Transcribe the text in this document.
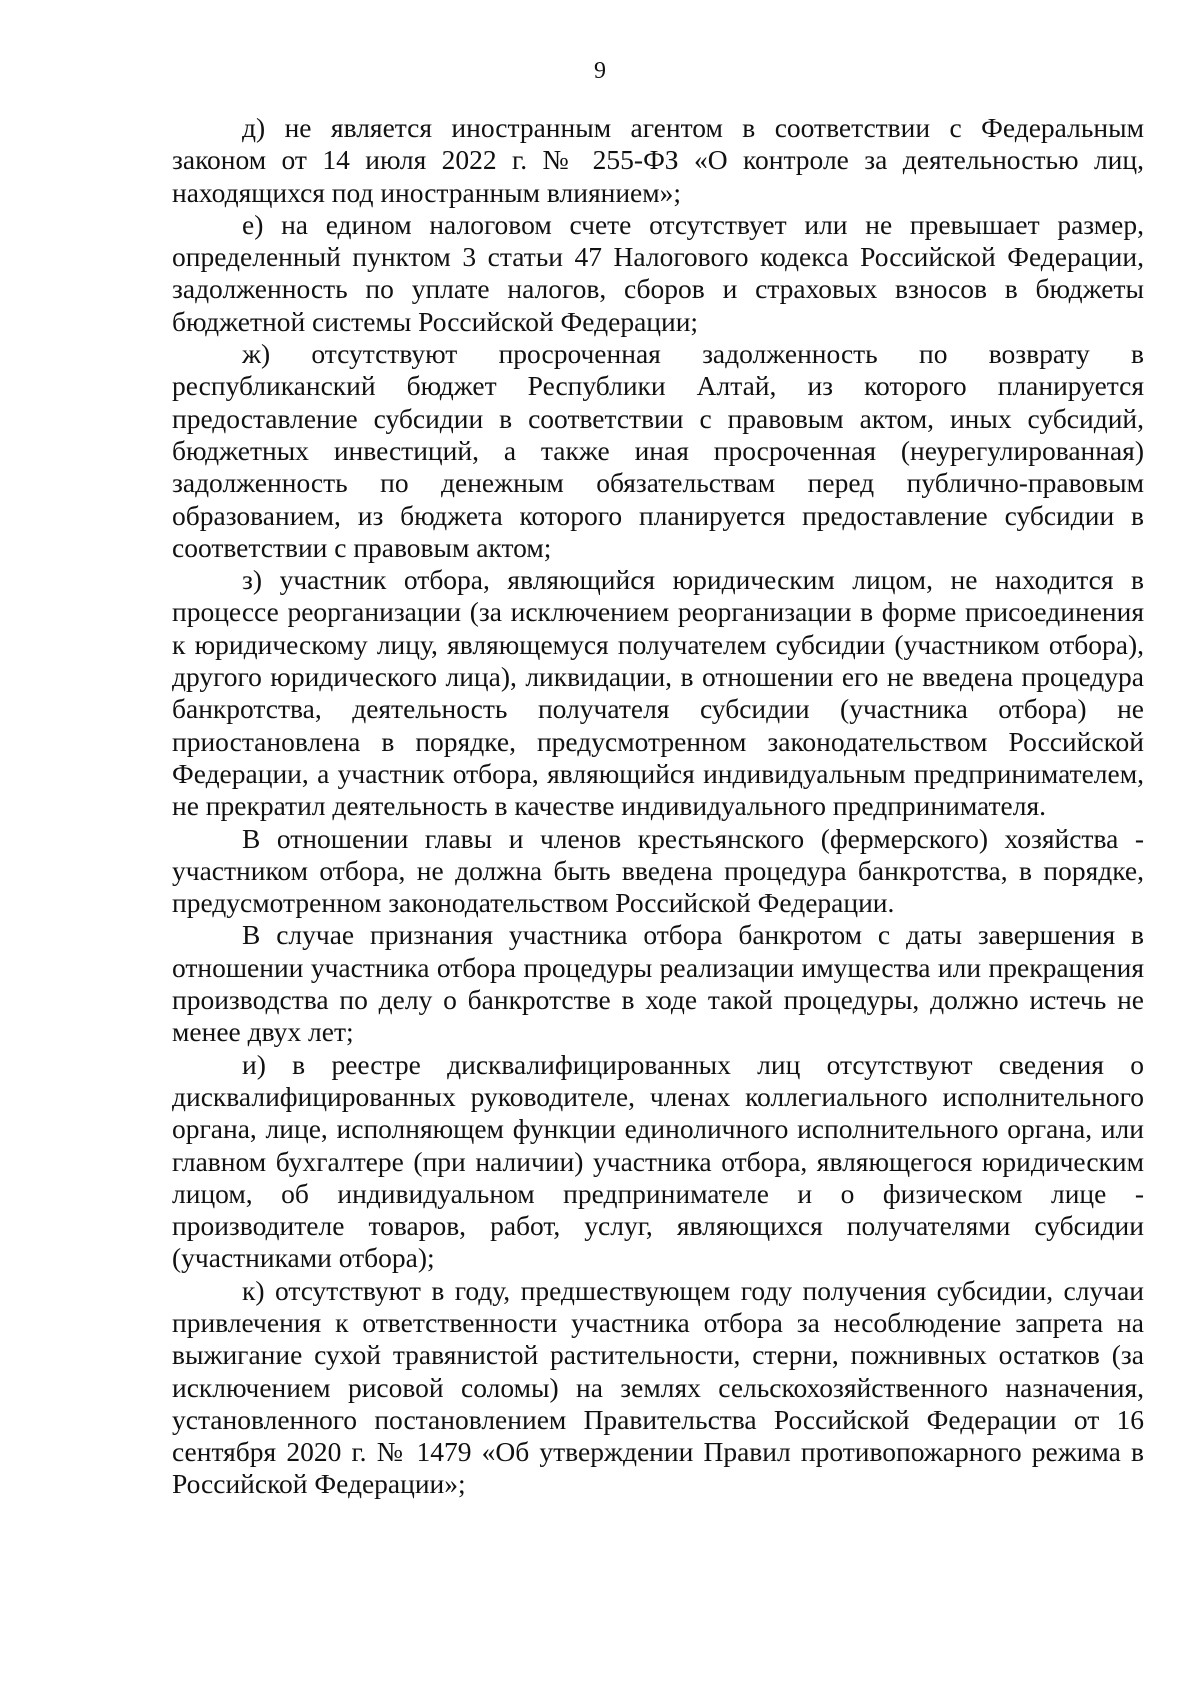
9

д) не является иностранным агентом в соответствии с Федеральным законом от 14 июля 2022 г. № 255-ФЗ «О контроле за деятельностью лиц, находящихся под иностранным влиянием»;

е) на едином налоговом счете отсутствует или не превышает размер, определенный пунктом 3 статьи 47 Налогового кодекса Российской Федерации, задолженность по уплате налогов, сборов и страховых взносов в бюджеты бюджетной системы Российской Федерации;

ж) отсутствуют просроченная задолженность по возврату в республиканский бюджет Республики Алтай, из которого планируется предоставление субсидии в соответствии с правовым актом, иных субсидий, бюджетных инвестиций, а также иная просроченная (неурегулированная) задолженность по денежным обязательствам перед публично-правовым образованием, из бюджета которого планируется предоставление субсидии в соответствии с правовым актом;

з) участник отбора, являющийся юридическим лицом, не находится в процессе реорганизации (за исключением реорганизации в форме присоединения к юридическому лицу, являющемуся получателем субсидии (участником отбора), другого юридического лица), ликвидации, в отношении его не введена процедура банкротства, деятельность получателя субсидии (участника отбора) не приостановлена в порядке, предусмотренном законодательством Российской Федерации, а участник отбора, являющийся индивидуальным предпринимателем, не прекратил деятельность в качестве индивидуального предпринимателя.

В отношении главы и членов крестьянского (фермерского) хозяйства - участником отбора, не должна быть введена процедура банкротства, в порядке, предусмотренном законодательством Российской Федерации.

В случае признания участника отбора банкротом с даты завершения в отношении участника отбора процедуры реализации имущества или прекращения производства по делу о банкротстве в ходе такой процедуры, должно истечь не менее двух лет;

и) в реестре дисквалифицированных лиц отсутствуют сведения о дисквалифицированных руководителе, членах коллегиального исполнительного органа, лице, исполняющем функции единоличного исполнительного органа, или главном бухгалтере (при наличии) участника отбора, являющегося юридическим лицом, об индивидуальном предпринимателе и о физическом лице - производителе товаров, работ, услуг, являющихся получателями субсидии (участниками отбора);

к) отсутствуют в году, предшествующем году получения субсидии, случаи привлечения к ответственности участника отбора за несоблюдение запрета на выжигание сухой травянистой растительности, стерни, пожнивных остатков (за исключением рисовой соломы) на землях сельскохозяйственного назначения, установленного постановлением Правительства Российской Федерации от 16 сентября 2020 г. № 1479 «Об утверждении Правил противопожарного режима в Российской Федерации»;
